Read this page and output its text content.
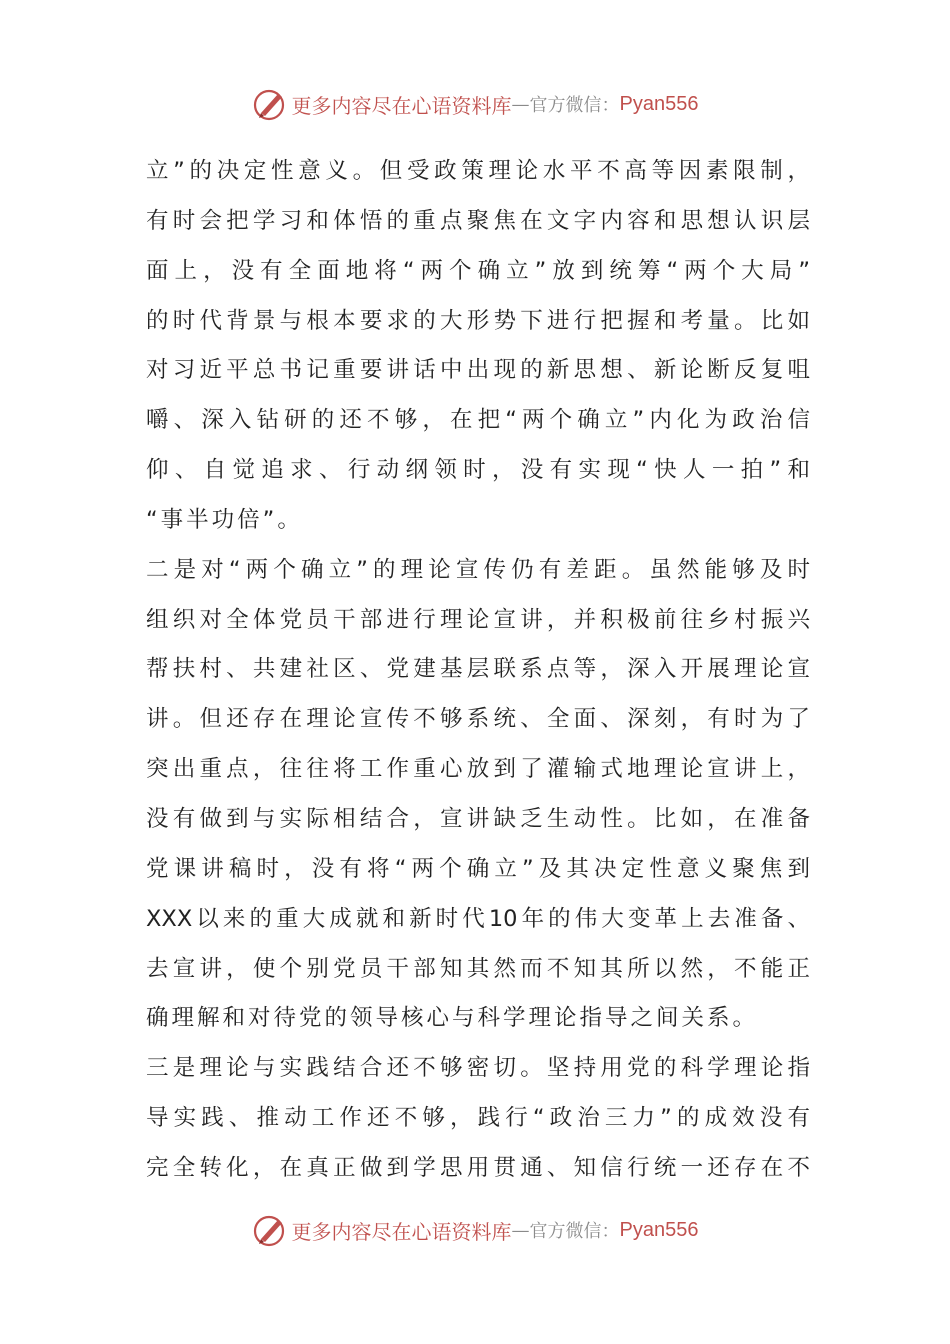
更多内容尽在心语资料库 — 官方微信： Pyan556
立”的决定性意义。但受政策理论水平不高等因素限制，
有时会把学习和体悟的重点聚焦在文字内容和思想认识层
面上，没有全面地将“两个确立”放到统筹“两个大局”
的时代背景与根本要求的大形势下进行把握和考量。比如
对习近平总书记重要讲话中出现的新思想、新论断反复咀
嚼、深入钻研的还不够，在把“两个确立”内化为政治信
仰、自觉追求、行动纲领时，没有实现“快人一拍”和
“事半功倍”。
二是对“两个确立”的理论宣传仍有差距。虽然能够及时
组织对全体党员干部进行理论宣讲，并积极前往乡村振兴
帮扶村、共建社区、党建基层联系点等，深入开展理论宣
讲。但还存在理论宣传不够系统、全面、深刻，有时为了
突出重点，往往将工作重心放到了灌输式地理论宣讲上，
没有做到与实际相结合，宣讲缺乏生动性。比如，在准备
党课讲稿时，没有将“两个确立”及其决定性意义聚焦到
XXX以来的重大成就和新时代10年的伟大变革上去准备、
去宣讲，使个别党员干部知其然而不知其所以然，不能正
确理解和对待党的领导核心与科学理论指导之间关系。
三是理论与实践结合还不够密切。坚持用党的科学理论指
导实践、推动工作还不够，践行“政治三力”的成效没有
完全转化，在真正做到学思用贯通、知信行统一还存在不
更多内容尽在心语资料库 — 官方微信： Pyan556
